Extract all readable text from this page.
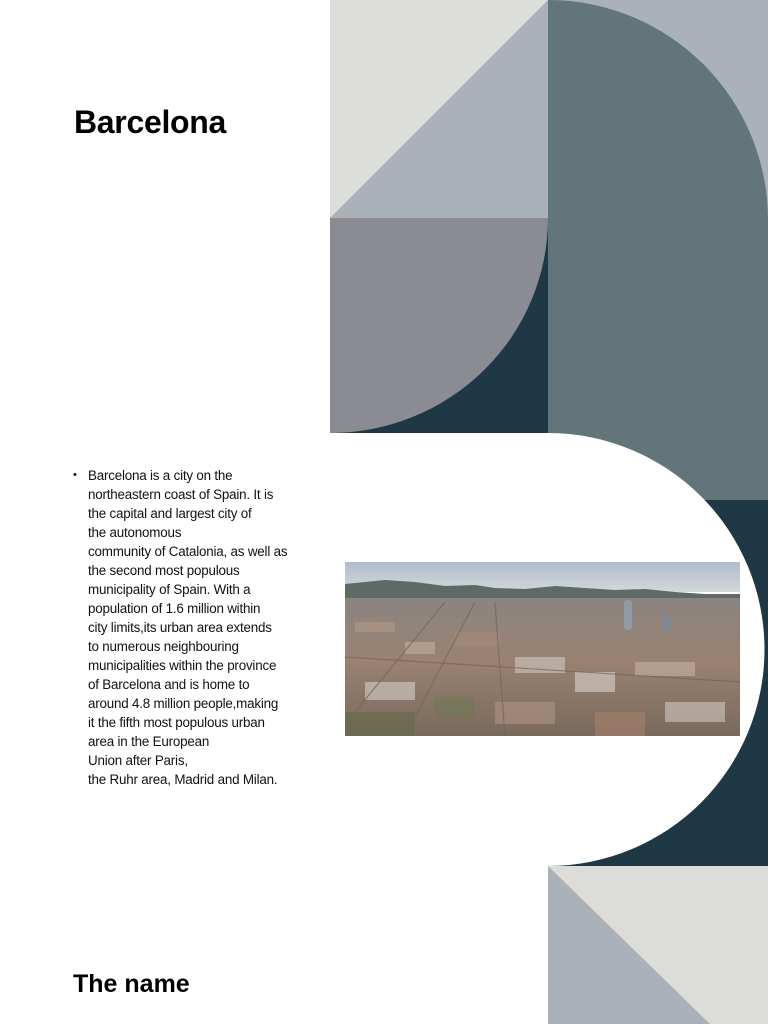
Barcelona
• Barcelona is a city on the
northeastern coast of Spain. It is
the capital and largest city of
the autonomous
community of Catalonia, as well as
the second most populous
municipality of Spain. With a
population of 1.6 million within
city limits,its urban area extends
to numerous neighbouring
municipalities within the province
of Barcelona and is home to
around 4.8 million people,making
it the fifth most populous urban
area in the European
Union after Paris,
the Ruhr area, Madrid and Milan.
The name
